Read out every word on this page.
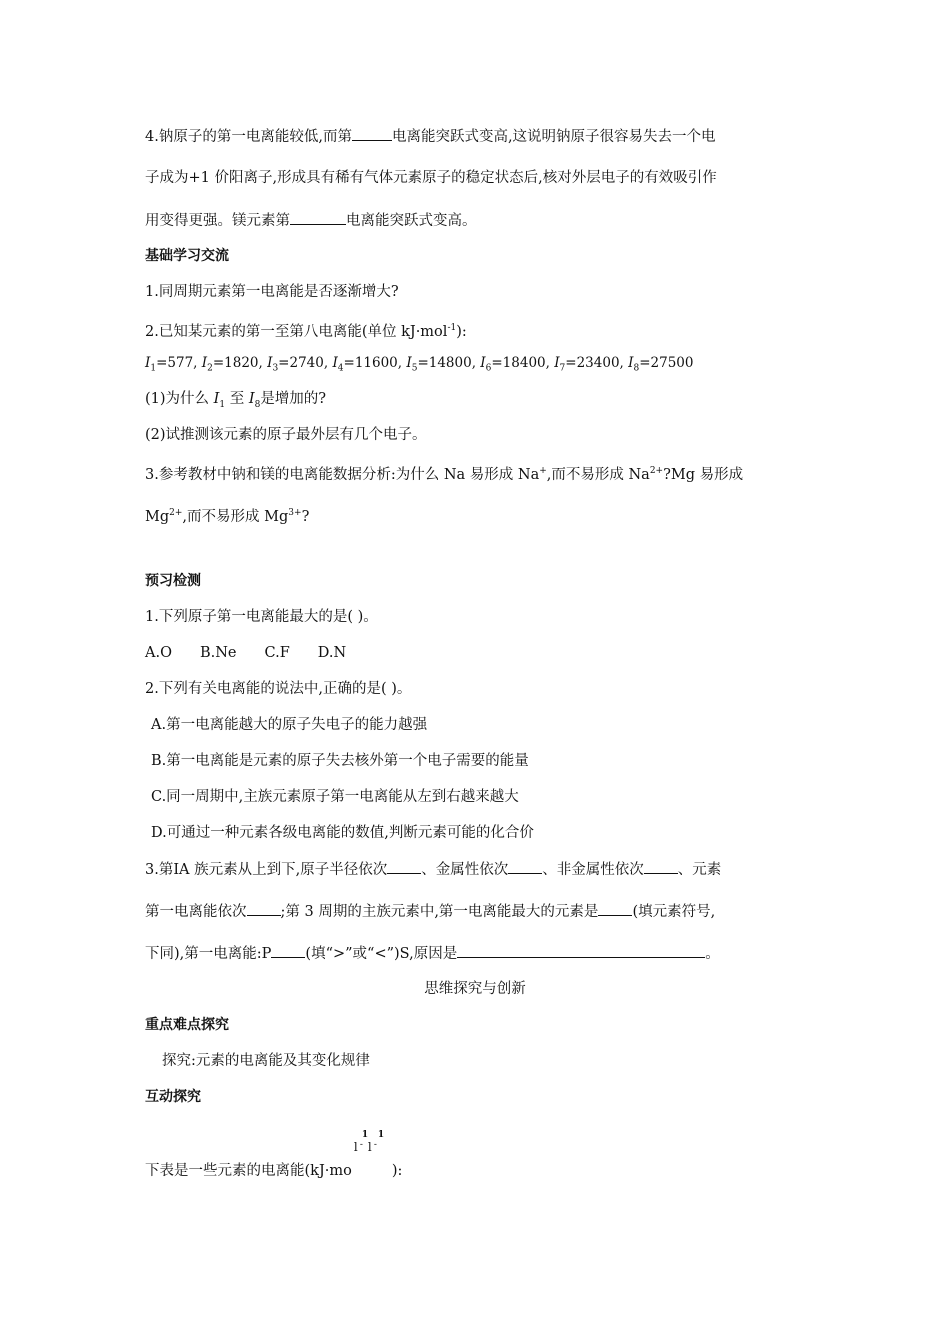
4.钠原子的第一电离能较低,而第	电离能突跃式变高,这说明钠原子很容易失去一个电
子成为+1 价阳离子,形成具有稀有气体元素原子的稳定状态后,核对外层电子的有效吸引作
用变得更强。镁元素第	电离能突跃式变高。
基础学习交流
1.同周期元素第一电离能是否逐渐增大?
2.已知某元素的第一至第八电离能(单位 kJ·mol$^{-1}$):
$I_1=577$, $I_2=1820$, $I_3=2740$, $I_4=11600$, $I_5=14800$, $I_6=18400$, $I_7=23400$, $I_8=27500$
(1)为什么 $I_1$ 至 $I_8$是增加的?
(2)试推测该元素的原子最外层有几个电子。
3.参考教材中钠和镁的电离能数据分析:为什么 Na 易形成 Na+,而不易形成 $Na^{2+}?Mg$ 易形成
$Mg^{2+}$,而不易形成 $Mg^{3+}$?
预习检测
1.下列原子第一电离能最大的是( )。
A.O B.Ne C.F D.N
2.下列有关电离能的说法中,正确的是( )。
A.第一电离能越大的原子失电子的能力越强
B.第一电离能是元素的原子失去核外第一个电子需要的能量
C.同一周期中,主族元素原子第一电离能从左到右越来越大
D.可通过一种元素各级电离能的数值,判断元素可能的化合价
3.第ⅠA 族元素从上到下,原子半径依次 、金属性依次 、非金属性依次 、元素
第一电离能依次 ;第 3 周期的主族元素中,第一电离能最大的元素是 (填元素符号,
下同),第一电离能:P (填“>”或“<”)S,原因是	。
思维探究与创新
重点难点探究
探究:元素的电离能及其变化规律
互动探究
下表是一些元素的电离能(kJ·mo
l -
1
l -
1
):
